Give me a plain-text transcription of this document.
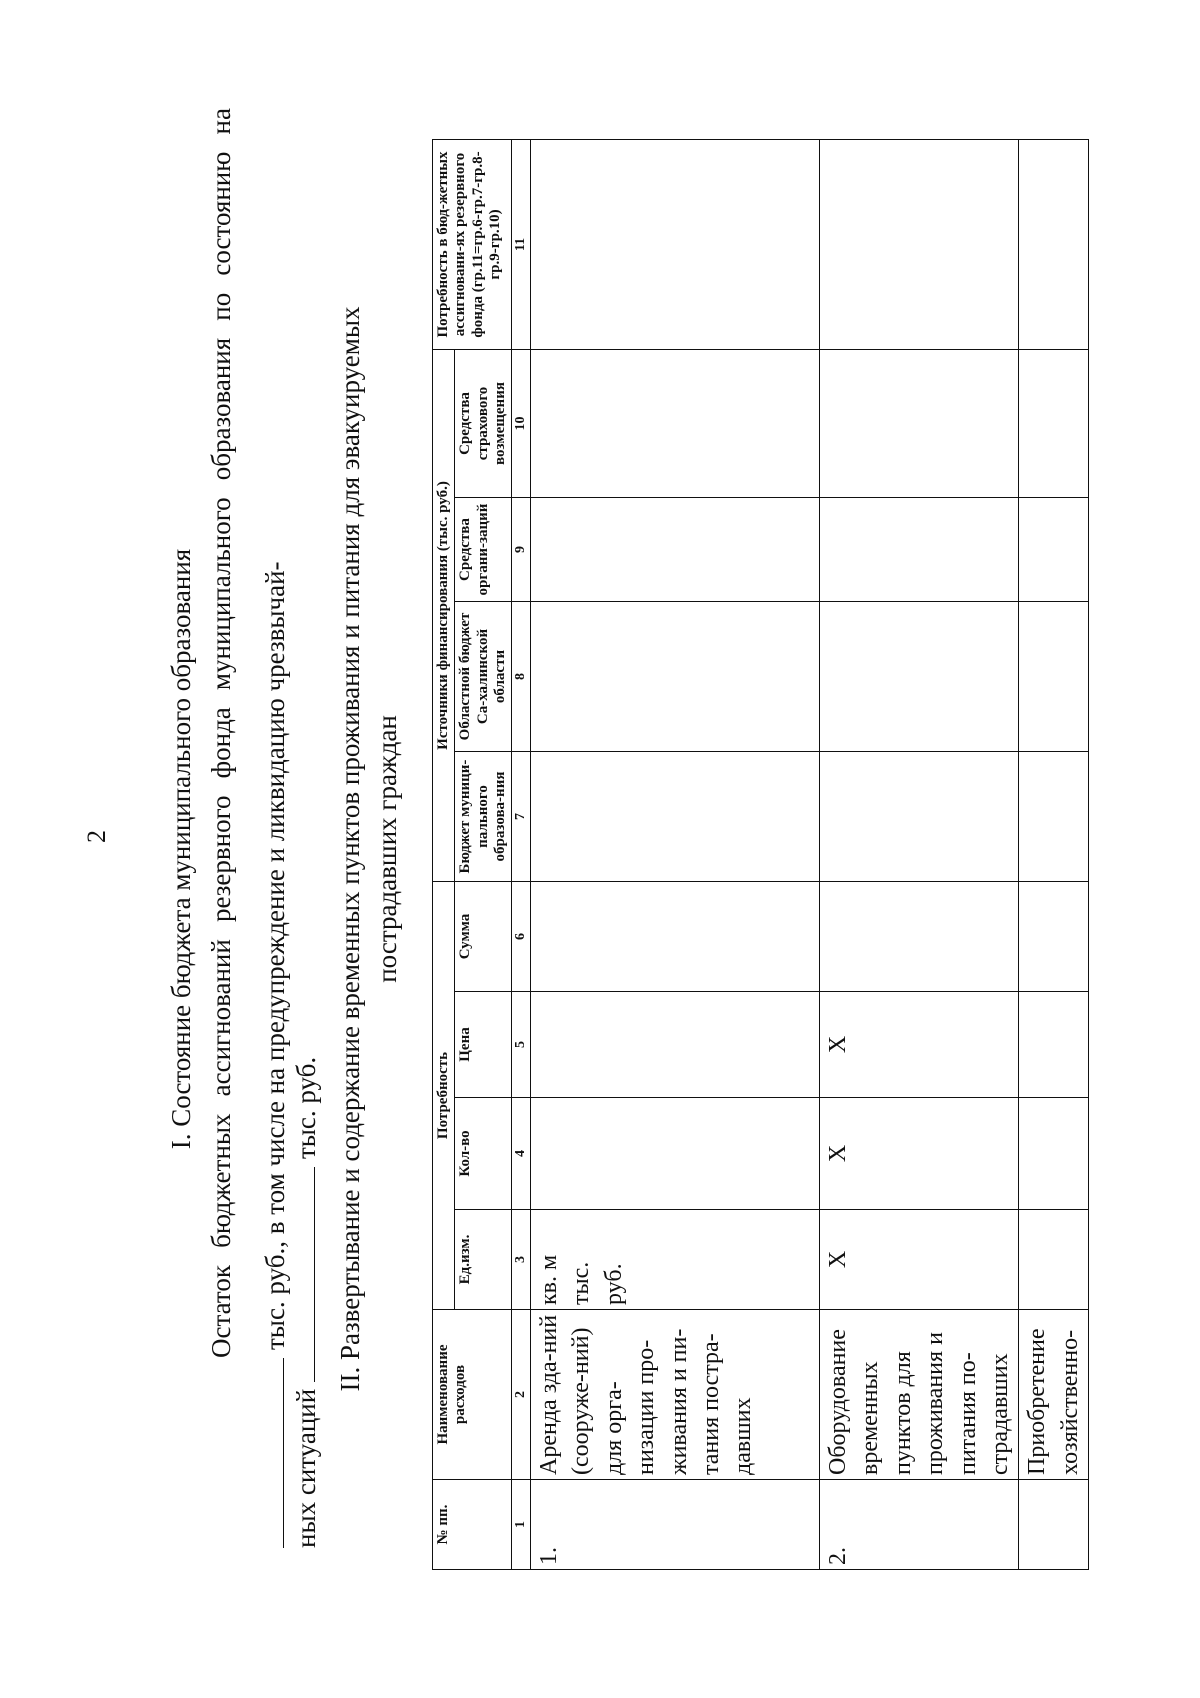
2 I. Состояние бюджета муниципального образования Остаток бюджетных ассигнований резервного фонда муниципального образования по состоянию на тыс. руб., в том числе на предупреждение и ликвидацию чрезвычай-
ных ситуаций тыс. руб. II. Развертывание и содержание временных пунктов проживания и питания для эвакуируемых пострадавших граждан
№ пп.	Наименование расходов	Потребность				Источники финансирования (тыс. руб.)				Потребность в бюд-жетных ассигновани-ях резервного фонда (гр.11=гр.6-гр.7-гр.8-гр.9-гр.10)
		Ед.изм.	Кол-во	Цена	Сумма	Бюджет муници-пального образова-ния	Областной бюджет Са-халинской области	Средства органи-заций	Средства страхового возмещения	
1	2	3	4	5	6	7	8	9	10	11
1.	Аренда зда-ний (сооруже-ний) для орга-низации про-живания и пи-тания постра-давших	кв. м тыс. руб.								

2.	Оборудование временных пунктов для проживания и питания по-страдавших	X	X	X						
	Приобретение хозяйственно-									
